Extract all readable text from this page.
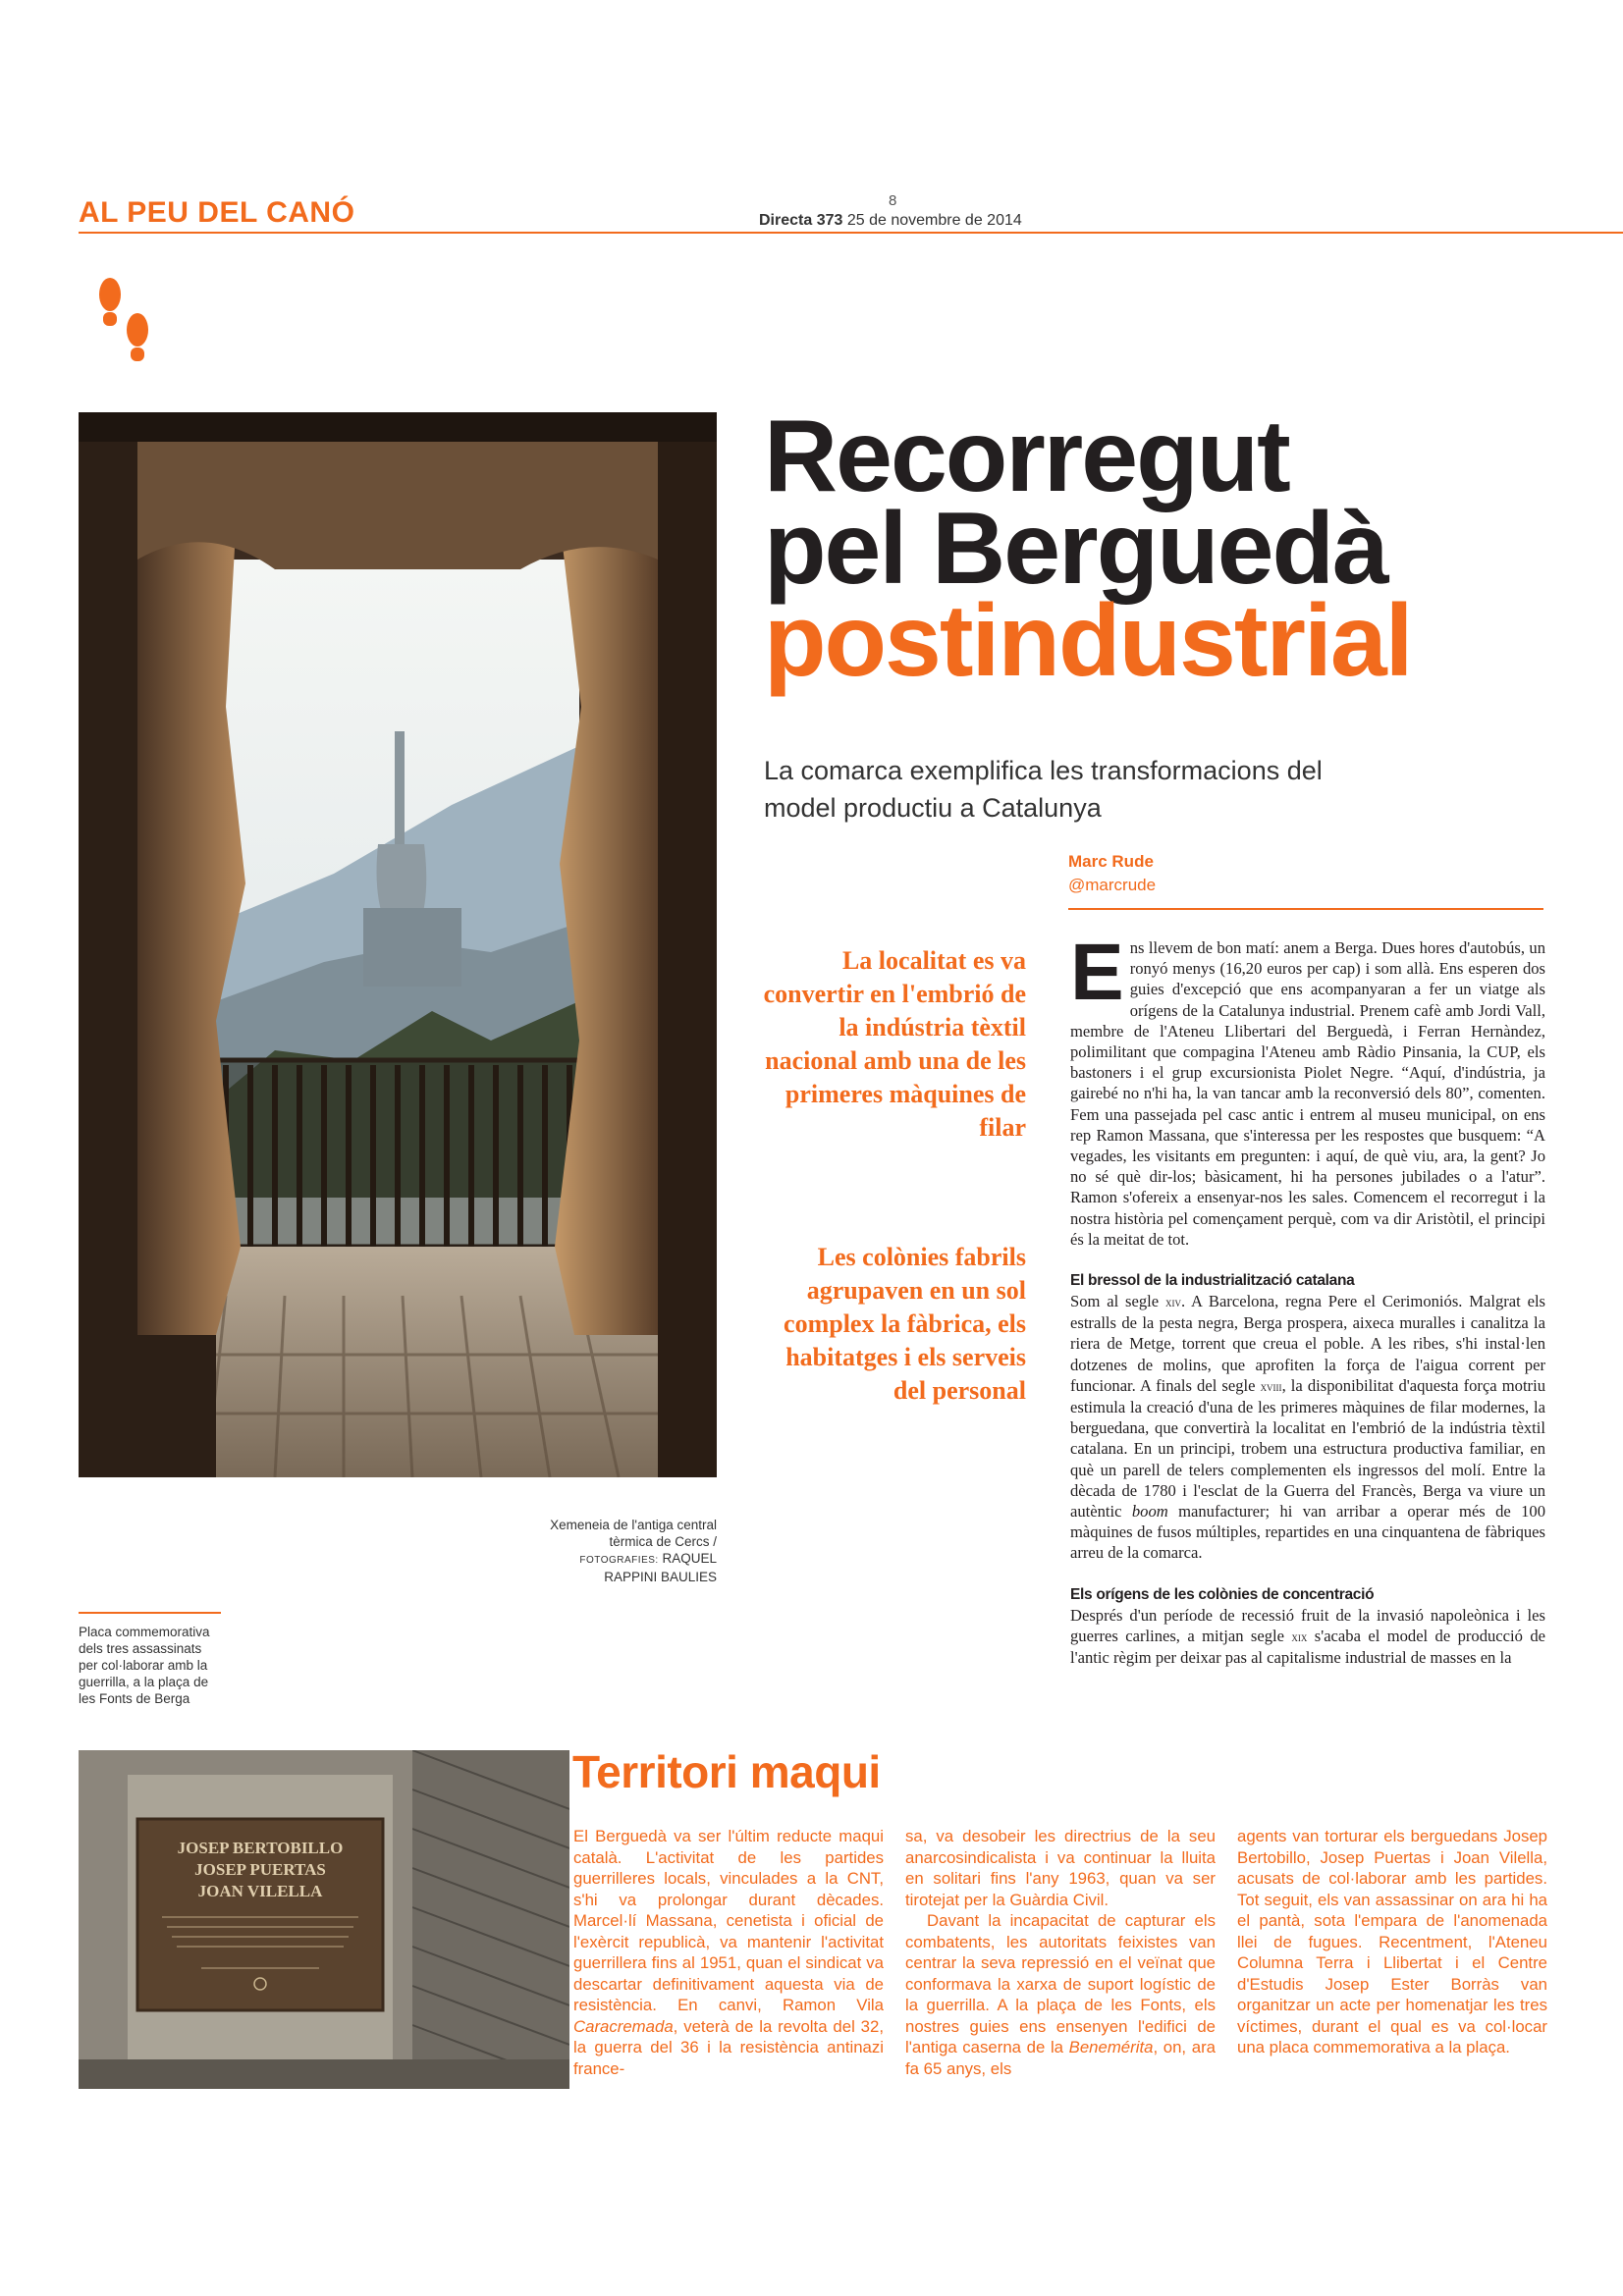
AL PEU DEL CANÓ	8
Directa 373 25 de novembre de 2014
Xemeneia de l'antiga central tèrmica de Cercs / FOTOGRAFIES: RAQUEL RAPPINI BAULIES
Recorregut
pel Berguedà
postindustrial
La comarca exemplifica les transformacions del
model productiu a Catalunya
Marc Rude
@marcrude
La localitat es va convertir en l'embrió de la indústria tèxtil nacional amb una de les primeres màquines de filar
Les colònies fabrils agrupaven en un sol complex la fàbrica, els habitatges i els serveis del personal

Ens llevem de bon matí: anem a Berga. Dues hores d'autobús, un ronyó menys (16,20 euros per cap) i som allà. Ens esperen dos guies d'excepció que ens acompanyaran a fer un viatge als orígens de la Catalunya industrial. Prenem cafè amb Jordi Vall, membre de l'Ateneu Llibertari del Berguedà, i Ferran Hernàndez, polimilitant que compagina l'Ateneu amb Ràdio Pinsania, la CUP, els bastoners i el grup excursionista Piolet Negre. “Aquí, d'indústria, ja gairebé no n'hi ha, la van tancar amb la reconversió dels 80”, comenten. Fem una passejada pel casc antic i entrem al museu municipal, on ens rep Ramon Massana, que s'interessa per les respostes que busquem: “A vegades, les visitants em pregunten: i aquí, de què viu, ara, la gent? Jo no sé què dir-los; bàsicament, hi ha persones jubilades o a l'atur”. Ramon s'ofereix a ensenyar-nos les sales. Comencem el recorregut i la nostra història pel començament perquè, com va dir Aristòtil, el principi és la meitat de tot.

El bressol de la industrialització catalana

Som al segle xiv. A Barcelona, regna Pere el Cerimoniós. Malgrat els estralls de la pesta negra, Berga prospera, aixeca muralles i canalitza la riera de Metge, torrent que creua el poble. A les ribes, s'hi instal·len dotzenes de molins, que aprofiten la força de l'aigua corrent per funcionar. A finals del segle xviii, la disponibilitat d'aquesta força motriu estimula la creació d'una de les primeres màquines de filar modernes, la berguedana, que convertirà la localitat en l'embrió de la indústria tèxtil catalana. En un principi, trobem una estructura productiva familiar, en què un parell de telers complementen els ingressos del molí. Entre la dècada de 1780 i l'esclat de la Guerra del Francès, Berga va viure un autèntic boom manufacturer; hi van arribar a operar més de 100 màquines de fusos múltiples, repartides en una cinquantena de fàbriques arreu de la comarca.

Els orígens de les colònies de concentració

Després d'un període de recessió fruit de la invasió napoleònica i les guerres carlines, a mitjan segle xix s'acaba el model de producció de l'antic règim per deixar pas al capitalisme industrial de masses en la

Placa commemorativa dels tres assassinats per col·laborar amb la guerrilla, a la plaça de les Fonts de Berga
JOSEP BERTOBILLO
JOSEP PUERTAS
JOAN VILELLA
Territori maqui

El Berguedà va ser l'últim reducte maqui català. L'activitat de les partides guerrilleres locals, vinculades a la CNT, s'hi va prolongar durant dècades. Marcel·lí Massana, cenetista i oficial de l'exèrcit republicà, va mantenir l'activitat guerrillera fins al 1951, quan el sindicat va descartar definitivament aquesta via de resistència. En canvi, Ramon Vila Caracremada, veterà de la revolta del 32, la guerra del 36 i la resistència antinazi france-

sa, va desobeir les directrius de la seu anarcosindicalista i va continuar la lluita en solitari fins l'any 1963, quan va ser tirotejat per la Guàrdia Civil.

Davant la incapacitat de capturar els combatents, les autoritats feixistes van centrar la seva repressió en el veïnat que conformava la xarxa de suport logístic de la guerrilla. A la plaça de les Fonts, els nostres guies ens ensenyen l'edifici de l'antiga caserna de la Benemérita, on, ara fa 65 anys, els

agents van torturar els berguedans Josep Bertobillo, Josep Puertas i Joan Vilella, acusats de col·laborar amb les partides. Tot seguit, els van assassinar on ara hi ha el pantà, sota l'empara de l'anomenada llei de fugues. Recentment, l'Ateneu Columna Terra i Llibertat i el Centre d'Estudis Josep Ester Borràs van organitzar un acte per homenatjar les tres víctimes, durant el qual es va col·locar una placa commemorativa a la plaça.
